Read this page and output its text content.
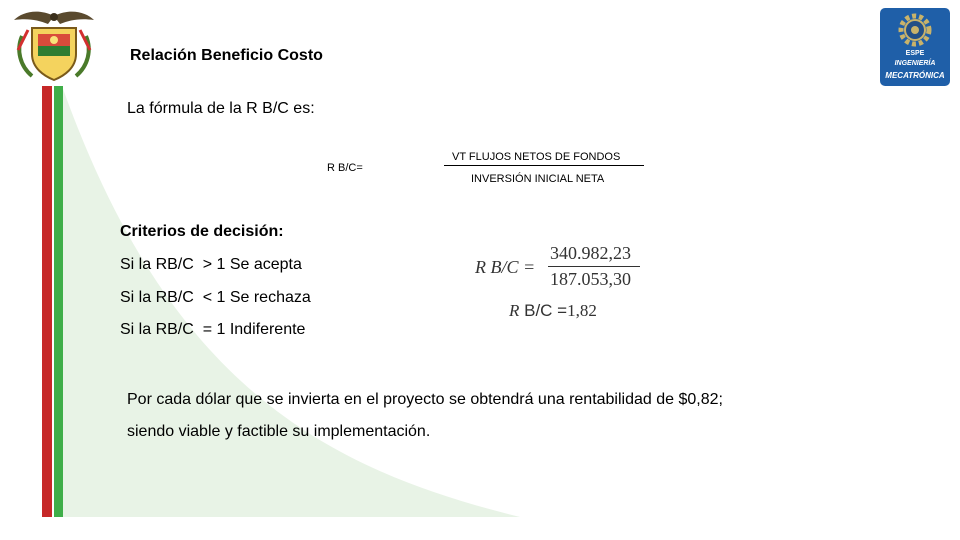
ESPE
INGENIERÍA
MECATRÓNICA
Relación Beneficio Costo
La fórmula de la R B/C es:
R B/C=
VT FLUJOS NETOS DE FONDOS
INVERSIÓN INICIAL NETA
Criterios de decisión:
Si la RB/C  > 1 Se acepta
Si la RB/C  < 1 Se rechaza
Si la RB/C  = 1 Indiferente
R B/C =
340.982,23
187.053,30
R B/C =1,82
Por cada dólar que se invierta en el proyecto se obtendrá una rentabilidad de $0,82;
siendo viable y factible su implementación.
